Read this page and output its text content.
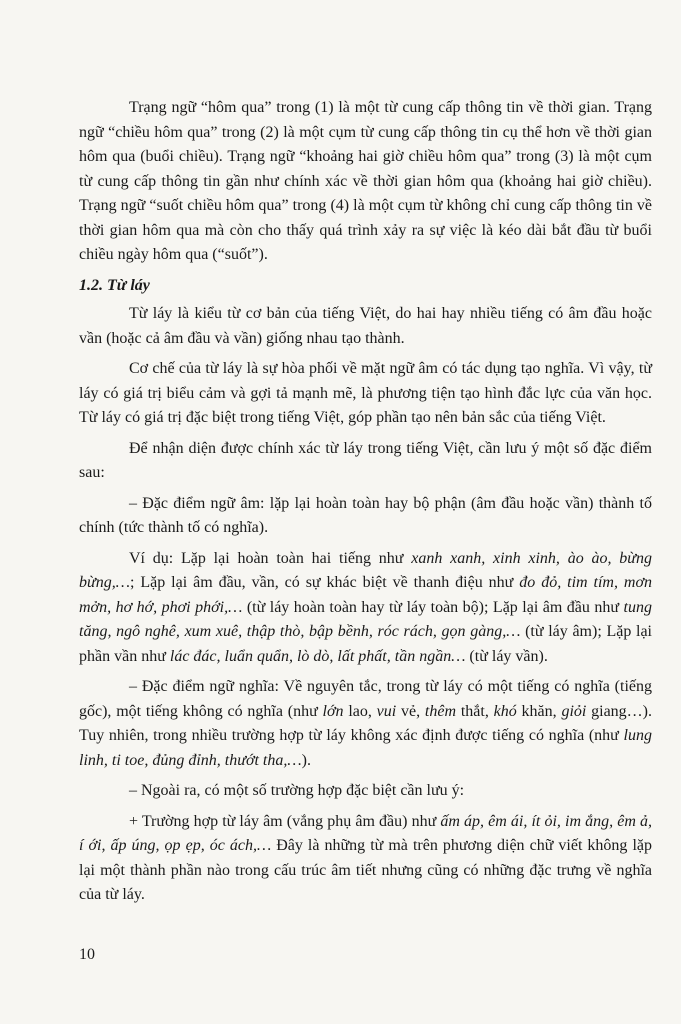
Trạng ngữ “hôm qua” trong (1) là một từ cung cấp thông tin về thời gian. Trạng ngữ “chiều hôm qua” trong (2) là một cụm từ cung cấp thông tin cụ thể hơn về thời gian hôm qua (buổi chiều). Trạng ngữ “khoảng hai giờ chiều hôm qua” trong (3) là một cụm từ cung cấp thông tin gần như chính xác về thời gian hôm qua (khoảng hai giờ chiều). Trạng ngữ “suốt chiều hôm qua” trong (4) là một cụm từ không chỉ cung cấp thông tin về thời gian hôm qua mà còn cho thấy quá trình xảy ra sự việc là kéo dài bắt đầu từ buổi chiều ngày hôm qua (“suốt”).

1.2. Từ láy

Từ láy là kiểu từ cơ bản của tiếng Việt, do hai hay nhiều tiếng có âm đầu hoặc vần (hoặc cả âm đầu và vần) giống nhau tạo thành.

Cơ chế của từ láy là sự hòa phối về mặt ngữ âm có tác dụng tạo nghĩa. Vì vậy, từ láy có giá trị biểu cảm và gợi tả mạnh mẽ, là phương tiện tạo hình đắc lực của văn học. Từ láy có giá trị đặc biệt trong tiếng Việt, góp phần tạo nên bản sắc của tiếng Việt.

Để nhận diện được chính xác từ láy trong tiếng Việt, cần lưu ý một số đặc điểm sau:

– Đặc điểm ngữ âm: lặp lại hoàn toàn hay bộ phận (âm đầu hoặc vần) thành tố chính (tức thành tố có nghĩa).

Ví dụ: Lặp lại hoàn toàn hai tiếng như xanh xanh, xinh xinh, ào ào, bừng bừng,…; Lặp lại âm đầu, vần, có sự khác biệt về thanh điệu như đo đỏ, tim tím, mơn mởn, hơ hớ, phơi phới,… (từ láy hoàn toàn hay từ láy toàn bộ); Lặp lại âm đầu như tung tăng, ngô nghê, xum xuê, thập thò, bập bềnh, róc rách, gọn gàng,… (từ láy âm); Lặp lại phần vần như lác đác, luẩn quẩn, lò dò, lất phất, tần ngần… (từ láy vần).

– Đặc điểm ngữ nghĩa: Về nguyên tắc, trong từ láy có một tiếng có nghĩa (tiếng gốc), một tiếng không có nghĩa (như lớn lao, vui vẻ, thêm thắt, khó khăn, giỏi giang…). Tuy nhiên, trong nhiều trường hợp từ láy không xác định được tiếng có nghĩa (như lung linh, ti toe, đủng đỉnh, thướt tha,…).

– Ngoài ra, có một số trường hợp đặc biệt cần lưu ý:

+ Trường hợp từ láy âm (vắng phụ âm đầu) như ấm áp, êm ái, ít ỏi, im ắng, êm ả, í ới, ấp úng, ọp ẹp, óc ách,… Đây là những từ mà trên phương diện chữ viết không lặp lại một thành phần nào trong cấu trúc âm tiết nhưng cũng có những đặc trưng về nghĩa của từ láy.

10
